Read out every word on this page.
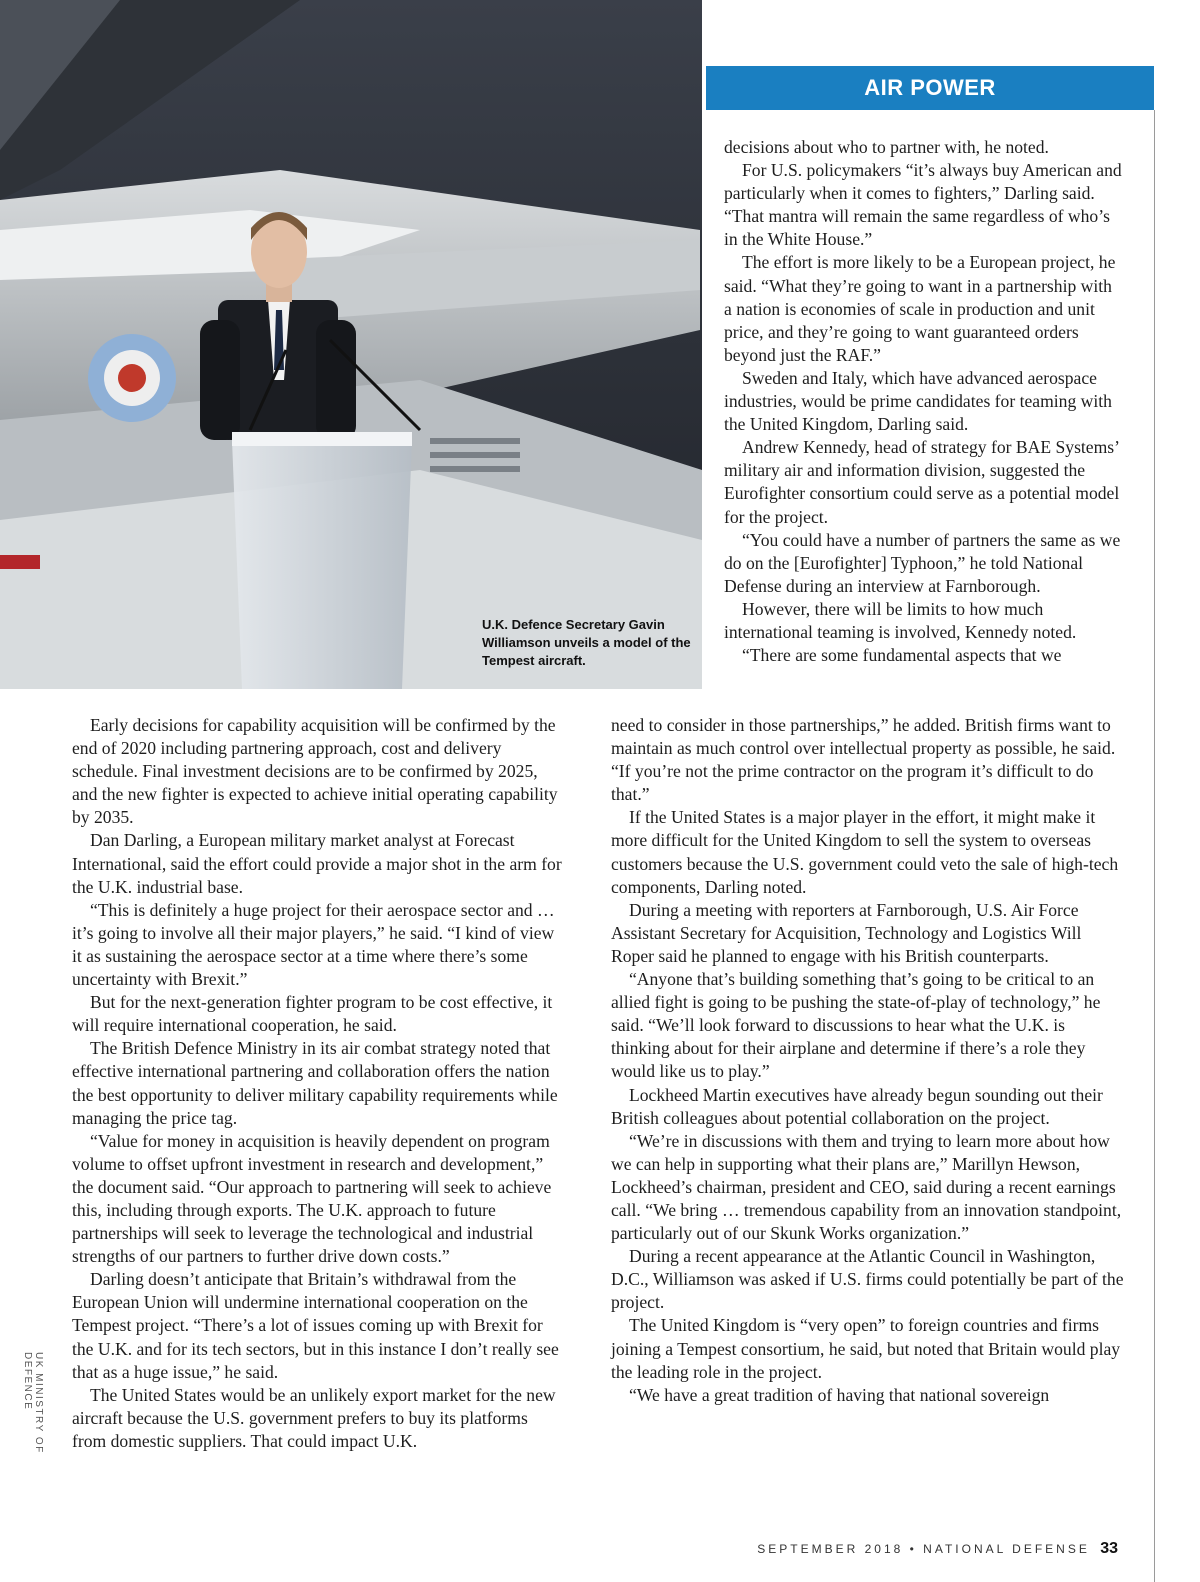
U.K. Defence Secretary Gavin Williamson unveils a model of the Tempest aircraft.
AIR POWER

decisions about who to partner with, he noted.

For U.S. policymakers “it’s always buy American and particularly when it comes to fighters,” Darling said. “That mantra will remain the same regardless of who’s in the White House.”

The effort is more likely to be a European project, he said. “What they’re going to want in a partnership with a nation is economies of scale in production and unit price, and they’re going to want guaranteed orders beyond just the RAF.”

Sweden and Italy, which have advanced aerospace industries, would be prime candidates for teaming with the United Kingdom, Darling said.

Andrew Kennedy, head of strategy for BAE Systems’ military air and information division, suggested the Eurofighter consortium could serve as a potential model for the project.

“You could have a number of partners the same as we do on the [Eurofighter] Typhoon,” he told National Defense during an interview at Farnborough.

However, there will be limits to how much international teaming is involved, Kennedy noted.

“There are some fundamental aspects that we

Early decisions for capability acquisition will be confirmed by the end of 2020 including partnering approach, cost and delivery schedule. Final investment decisions are to be confirmed by 2025, and the new fighter is expected to achieve initial operating capability by 2035.

Dan Darling, a European military market analyst at Forecast International, said the effort could provide a major shot in the arm for the U.K. industrial base.

“This is definitely a huge project for their aerospace sector and … it’s going to involve all their major players,” he said. “I kind of view it as sustaining the aerospace sector at a time where there’s some uncertainty with Brexit.”

But for the next-generation fighter program to be cost effective, it will require international cooperation, he said.

The British Defence Ministry in its air combat strategy noted that effective international partnering and collaboration offers the nation the best opportunity to deliver military capability requirements while managing the price tag.

“Value for money in acquisition is heavily dependent on program volume to offset upfront investment in research and development,” the document said. “Our approach to partnering will seek to achieve this, including through exports. The U.K. approach to future partnerships will seek to leverage the technological and industrial strengths of our partners to further drive down costs.”

Darling doesn’t anticipate that Britain’s withdrawal from the European Union will undermine international cooperation on the Tempest project. “There’s a lot of issues coming up with Brexit for the U.K. and for its tech sectors, but in this instance I don’t really see that as a huge issue,” he said.

The United States would be an unlikely export market for the new aircraft because the U.S. government prefers to buy its platforms from domestic suppliers. That could impact U.K.

need to consider in those partnerships,” he added. British firms want to maintain as much control over intellectual property as possible, he said. “If you’re not the prime contractor on the program it’s difficult to do that.”

If the United States is a major player in the effort, it might make it more difficult for the United Kingdom to sell the system to overseas customers because the U.S. government could veto the sale of high-tech components, Darling noted.

During a meeting with reporters at Farnborough, U.S. Air Force Assistant Secretary for Acquisition, Technology and Logistics Will Roper said he planned to engage with his British counterparts.

“Anyone that’s building something that’s going to be critical to an allied fight is going to be pushing the state-of-play of technology,” he said. “We’ll look forward to discussions to hear what the U.K. is thinking about for their airplane and determine if there’s a role they would like us to play.”

Lockheed Martin executives have already begun sounding out their British colleagues about potential collaboration on the project.

“We’re in discussions with them and trying to learn more about how we can help in supporting what their plans are,” Marillyn Hewson, Lockheed’s chairman, president and CEO, said during a recent earnings call. “We bring … tremendous capability from an innovation standpoint, particularly out of our Skunk Works organization.”

During a recent appearance at the Atlantic Council in Washington, D.C., Williamson was asked if U.S. firms could potentially be part of the project.

The United Kingdom is “very open” to foreign countries and firms joining a Tempest consortium, he said, but noted that Britain would play the leading role in the project.

“We have a great tradition of having that national sovereign

UK MINISTRY OF DEFENCE
SEPTEMBER 2018 • NATIONAL DEFENSE 33
